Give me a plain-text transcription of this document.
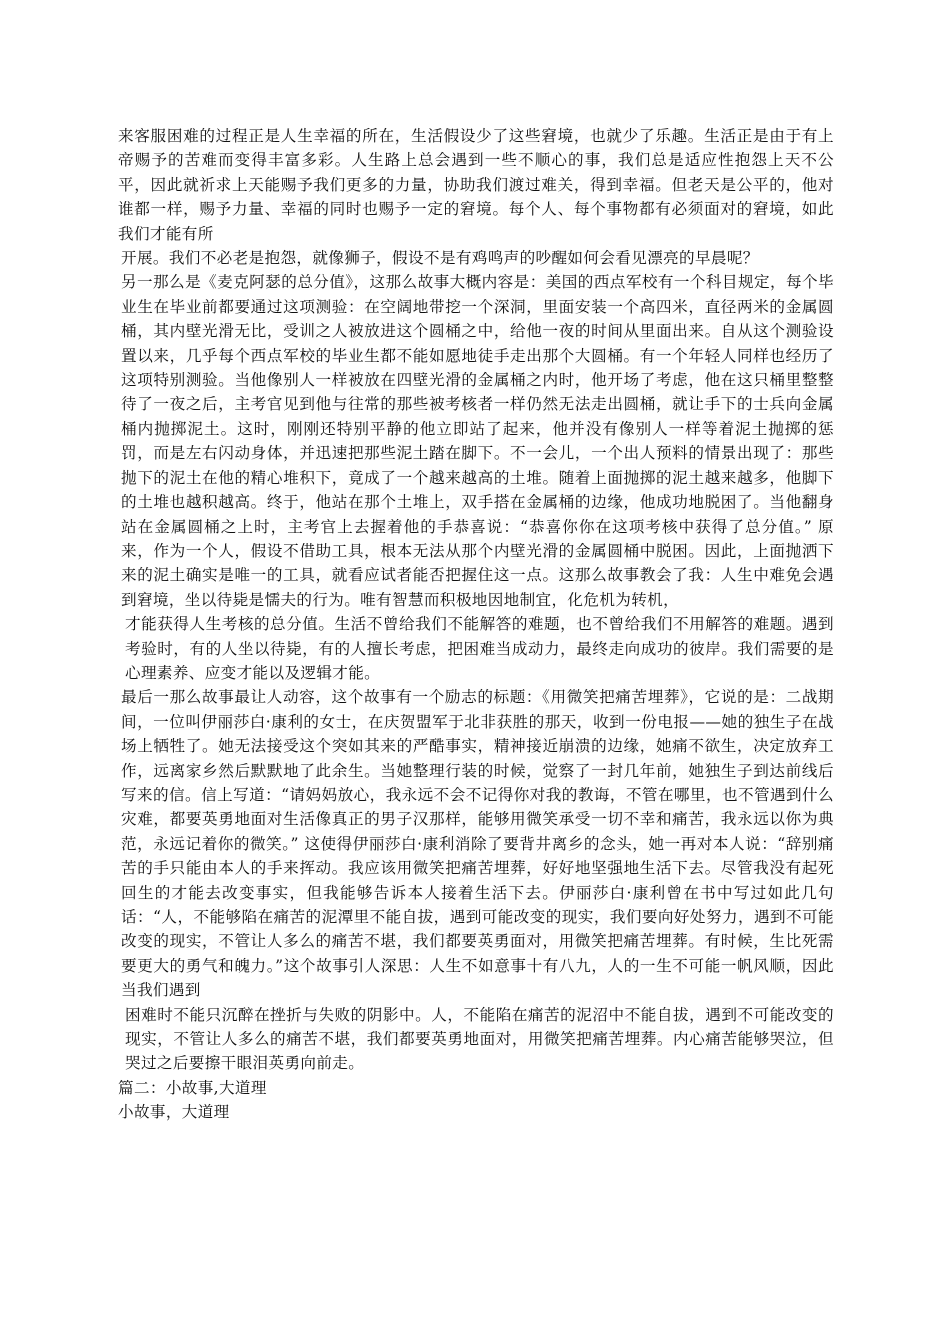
来客服困难的过程正是人生幸福的所在，生活假设少了这些窘境，也就少了乐趣。生活正是由于有上帝赐予的苦难而变得丰富多彩。人生路上总会遇到一些不顺心的事，我们总是适应性抱怨上天不公平，因此就祈求上天能赐予我们更多的力量，协助我们渡过难关，得到幸福。但老天是公平的，他对谁都一样，赐予力量、幸福的同时也赐予一定的窘境。每个人、每个事物都有必须面对的窘境，如此我们才能有所

开展。我们不必老是抱怨，就像狮子，假设不是有鸡鸣声的吵醒如何会看见漂亮的早晨呢？

另一那么是《麦克阿瑟的总分值》，这那么故事大概内容是：美国的西点军校有一个科目规定，每个毕业生在毕业前都要通过这项测验：在空阔地带挖一个深洞，里面安装一个高四米，直径两米的金属圆桶，其内壁光滑无比，受训之人被放进这个圆桶之中，给他一夜的时间从里面出来。自从这个测验设置以来，几乎每个西点军校的毕业生都不能如愿地徒手走出那个大圆桶。有一个年轻人同样也经历了这项特别测验。当他像别人一样被放在四壁光滑的金属桶之内时，他开场了考虑，他在这只桶里整整待了一夜之后，主考官见到他与往常的那些被考核者一样仍然无法走出圆桶，就让手下的士兵向金属桶内抛掷泥土。这时，刚刚还特别平静的他立即站了起来，他并没有像别人一样等着泥土抛掷的惩罚，而是左右闪动身体，并迅速把那些泥土踏在脚下。不一会儿，一个出人预料的情景出现了：那些抛下的泥土在他的精心堆积下，竟成了一个越来越高的土堆。随着上面抛掷的泥土越来越多，他脚下的土堆也越积越高。终于，他站在那个土堆上，双手搭在金属桶的边缘，他成功地脱困了。当他翻身站在金属圆桶之上时，主考官上去握着他的手恭喜说：“恭喜你你在这项考核中获得了总分值。” 原来，作为一个人，假设不借助工具，根本无法从那个内壁光滑的金属圆桶中脱困。因此，上面抛洒下来的泥土确实是唯一的工具，就看应试者能否把握住这一点。这那么故事教会了我：人生中难免会遇到窘境，坐以待毙是懦夫的行为。唯有智慧而积极地因地制宜，化危机为转机，

才能获得人生考核的总分值。生活不曾给我们不能解答的难题，也不曾给我们不用解答的难题。遇到考验时，有的人坐以待毙，有的人擅长考虑，把困难当成动力，最终走向成功的彼岸。我们需要的是心理素养、应变才能以及逻辑才能。

最后一那么故事最让人动容，这个故事有一个励志的标题：《用微笑把痛苦埋葬》，它说的是：二战期间，一位叫伊丽莎白·康利的女士，在庆贺盟军于北非获胜的那天，收到一份电报——她的独生子在战场上牺牲了。她无法接受这个突如其来的严酷事实，精神接近崩溃的边缘，她痛不欲生，决定放弃工作，远离家乡然后默默地了此余生。当她整理行装的时候，觉察了一封几年前，她独生子到达前线后写来的信。信上写道：“请妈妈放心，我永远不会不记得你对我的教诲，不管在哪里，也不管遇到什么灾难，都要英勇地面对生活像真正的男子汉那样，能够用微笑承受一切不幸和痛苦，我永远以你为典范，永远记着你的微笑。” 这使得伊丽莎白·康利消除了要背井离乡的念头，她一再对本人说：“辞别痛苦的手只能由本人的手来挥动。我应该用微笑把痛苦埋葬，好好地坚强地生活下去。尽管我没有起死回生的才能去改变事实，但我能够告诉本人接着生活下去。伊丽莎白·康利曾在书中写过如此几句话：“人，不能够陷在痛苦的泥潭里不能自拔，遇到可能改变的现实，我们要向好处努力，遇到不可能改变的现实，不管让人多么的痛苦不堪，我们都要英勇面对，用微笑把痛苦埋葬。有时候，生比死需要更大的勇气和魄力。”这个故事引人深思：人生不如意事十有八九，人的一生不可能一帆风顺，因此当我们遇到

困难时不能只沉醉在挫折与失败的阴影中。人，不能陷在痛苦的泥沼中不能自拔，遇到不可能改变的现实，不管让人多么的痛苦不堪，我们都要英勇地面对，用微笑把痛苦埋葬。内心痛苦能够哭泣，但哭过之后要擦干眼泪英勇向前走。

篇二：小故事,大道理

小故事，大道理
